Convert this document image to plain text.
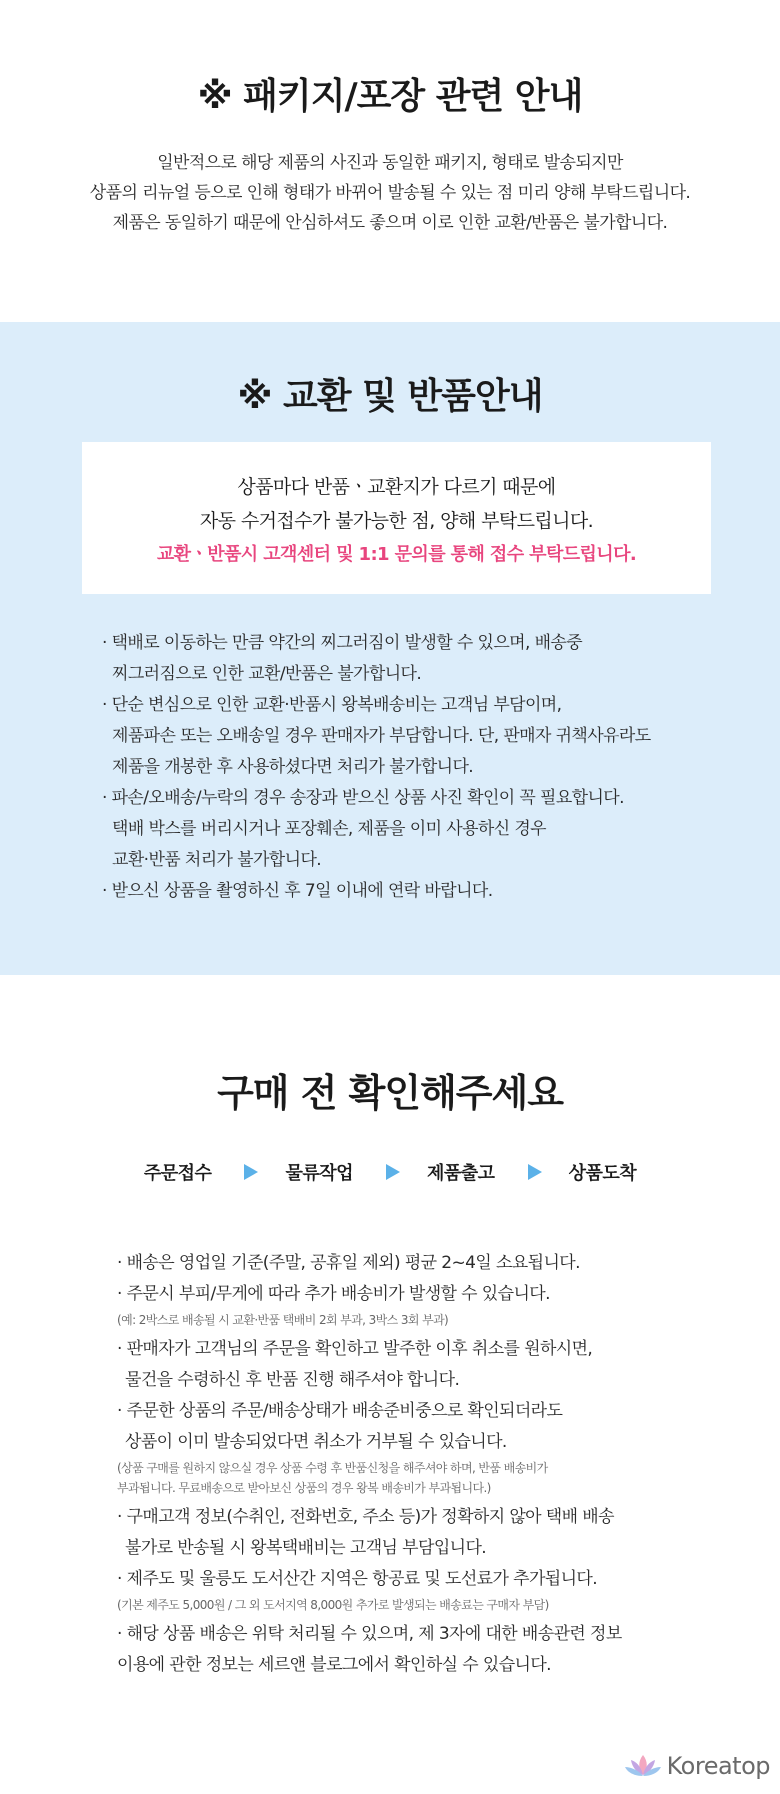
※ 패키지/포장 관련 안내
일반적으로 해당 제품의 사진과 동일한 패키지, 형태로 발송되지만
상품의 리뉴얼 등으로 인해 형태가 바뀌어 발송될 수 있는 점 미리 양해 부탁드립니다.
제품은 동일하기 때문에 안심하셔도 좋으며 이로 인한 교환/반품은 불가합니다.
※ 교환 및 반품안내
상품마다 반품ㆍ교환지가 다르기 때문에
자동 수거접수가 불가능한 점, 양해 부탁드립니다.
교환ㆍ반품시 고객센터 및 1:1 문의를 통해 접수 부탁드립니다.
· 택배로 이동하는 만큼 약간의 찌그러짐이 발생할 수 있으며, 배송중
찌그러짐으로 인한 교환/반품은 불가합니다.
· 단순 변심으로 인한 교환·반품시 왕복배송비는 고객님 부담이며,
제품파손 또는 오배송일 경우 판매자가 부담합니다. 단, 판매자 귀책사유라도
제품을 개봉한 후 사용하셨다면 처리가 불가합니다.
· 파손/오배송/누락의 경우 송장과 받으신 상품 사진 확인이 꼭 필요합니다.
택배 박스를 버리시거나 포장훼손, 제품을 이미 사용하신 경우
교환·반품 처리가 불가합니다.
· 받으신 상품을 촬영하신 후 7일 이내에 연락 바랍니다.
구매 전 확인해주세요
주문접수	물류작업	제품출고	상품도착
· 배송은 영업일 기준(주말, 공휴일 제외) 평균 2~4일 소요됩니다.
· 주문시 부피/무게에 따라 추가 배송비가 발생할 수 있습니다.
(예: 2박스로 배송될 시 교환·반품 택배비 2회 부과, 3박스 3회 부과)
· 판매자가 고객님의 주문을 확인하고 발주한 이후 취소를 원하시면,
물건을 수령하신 후 반품 진행 해주셔야 합니다.
· 주문한 상품의 주문/배송상태가 배송준비중으로 확인되더라도
상품이 이미 발송되었다면 취소가 거부될 수 있습니다.
(상품 구매를 원하지 않으실 경우 상품 수령 후 반품신청을 해주셔야 하며, 반품 배송비가
부과됩니다. 무료배송으로 받아보신 상품의 경우 왕복 배송비가 부과됩니다.)
· 구매고객 정보(수취인, 전화번호, 주소 등)가 정확하지 않아 택배 배송
불가로 반송될 시 왕복택배비는 고객님 부담입니다.
· 제주도 및 울릉도 도서산간 지역은 항공료 및 도선료가 추가됩니다.
(기본 제주도 5,000원 / 그 외 도서지역 8,000원 추가로 발생되는 배송료는 구매자 부담)
· 해당 상품 배송은 위탁 처리될 수 있으며, 제 3자에 대한 배송관련 정보
이용에 관한 정보는 세르앤 블로그에서 확인하실 수 있습니다.
Koreatop
